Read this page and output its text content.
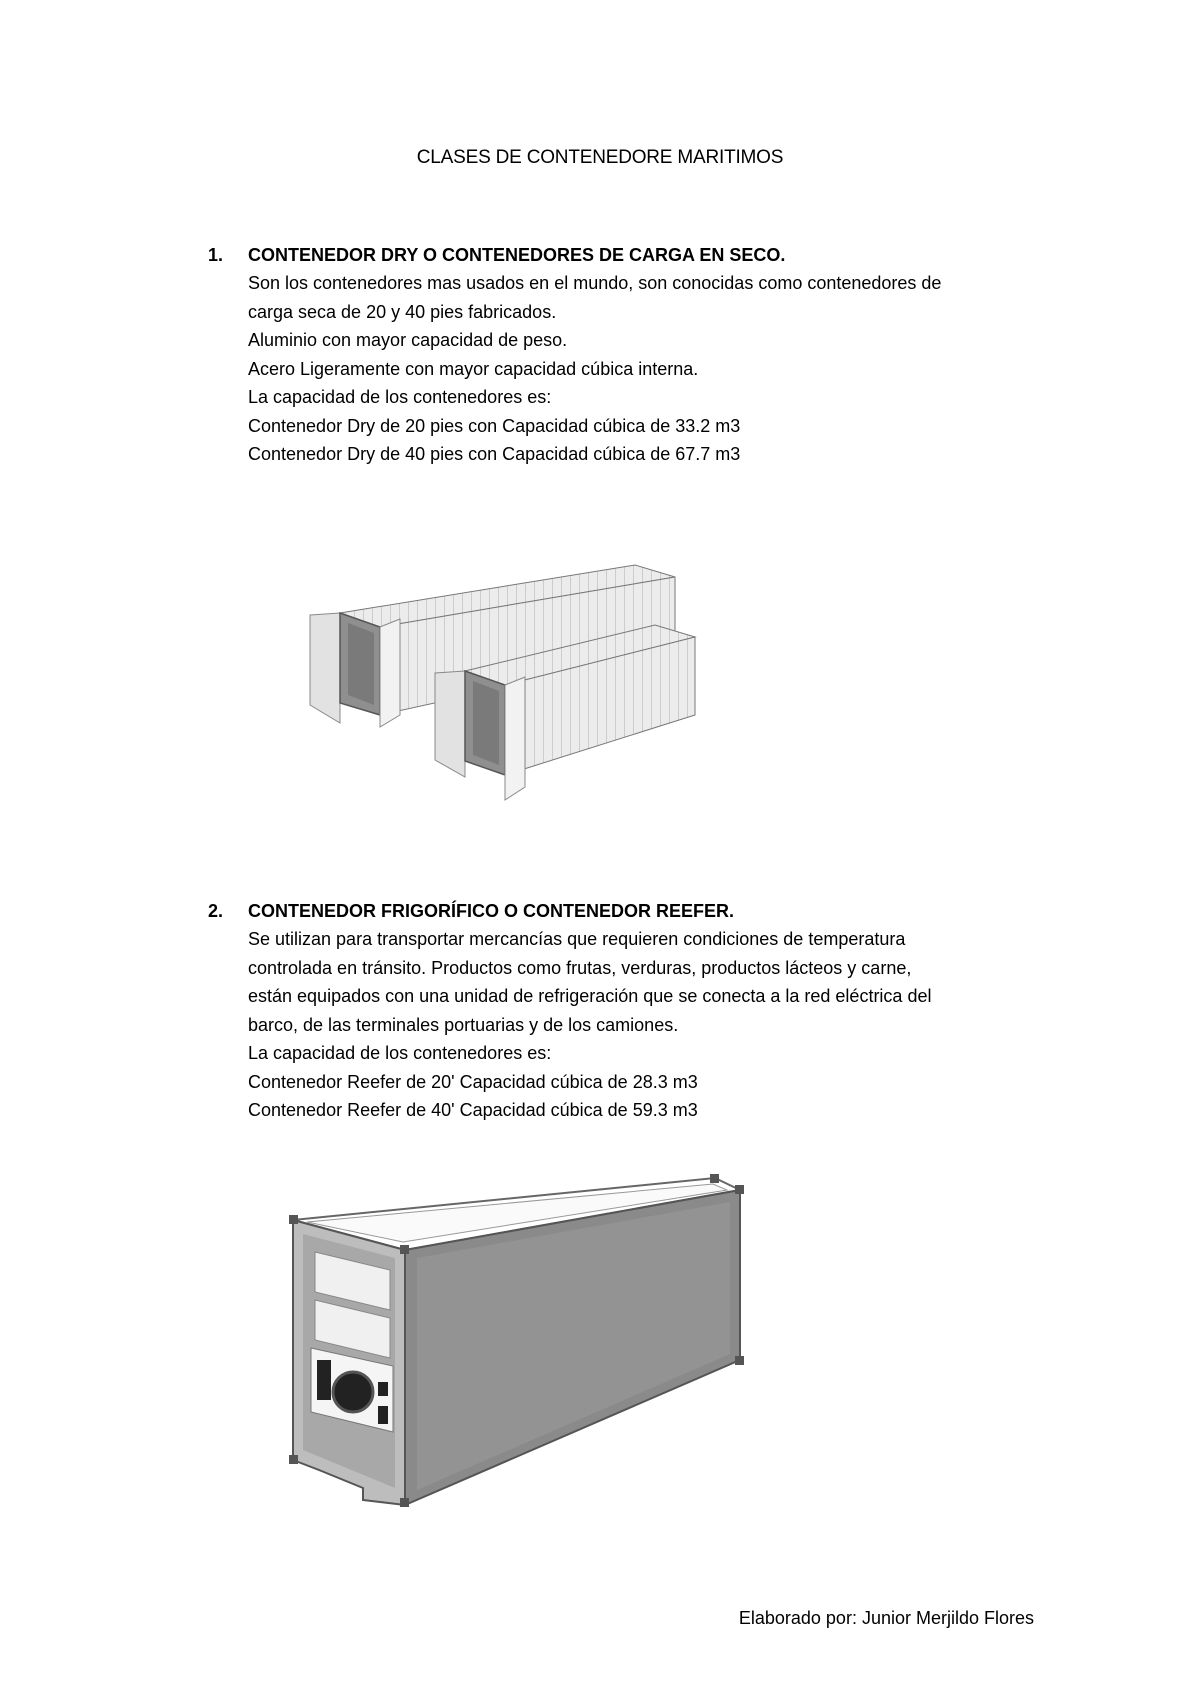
CLASES DE CONTENEDORE MARITIMOS
1.	CONTENEDOR DRY O CONTENEDORES DE CARGA EN SECO.

Son los contenedores mas usados en el mundo, son conocidas como contenedores de

carga seca de 20 y 40 pies fabricados.

Aluminio con mayor capacidad de peso.

Acero Ligeramente con mayor capacidad cúbica interna.

La capacidad de los contenedores es:

Contenedor Dry de 20 pies con Capacidad cúbica de 33.2 m3

Contenedor Dry de 40 pies con Capacidad cúbica de 67.7 m3

2.	CONTENEDOR FRIGORÍFICO O CONTENEDOR REEFER.

Se utilizan para transportar mercancías que requieren condiciones de temperatura

controlada en tránsito. Productos como frutas, verduras, productos lácteos y carne,

están equipados con una unidad de refrigeración que se conecta a la red eléctrica del

barco, de las terminales portuarias y de los camiones.

La capacidad de los contenedores es:

Contenedor Reefer de 20' Capacidad cúbica de 28.3 m3

Contenedor Reefer de 40' Capacidad cúbica de 59.3 m3

Elaborado por: Junior Merjildo Flores
